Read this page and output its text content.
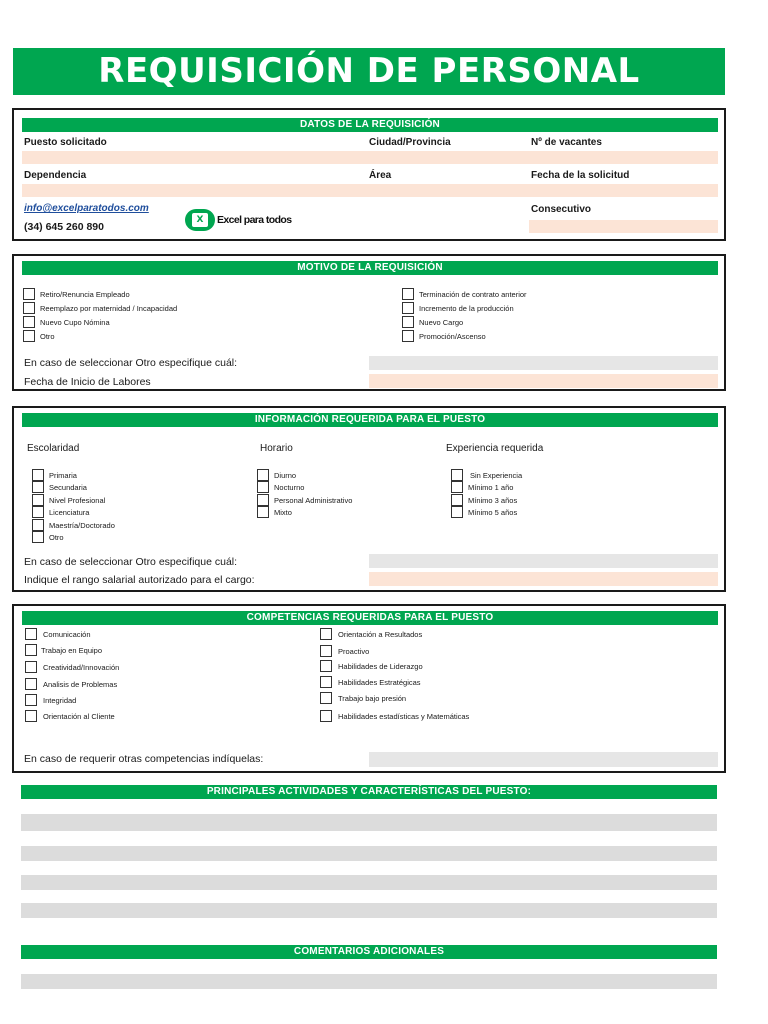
REQUISICIÓN DE PERSONAL
DATOS DE LA REQUISICIÓN
Puesto solicitado	Ciudad/Provincia	Nº de vacantes
Dependencia	Área	Fecha de la solicitud
info@excelparatodos.com
(34) 645 260 890
X	Excel para todos
Consecutivo
MOTIVO DE LA REQUISICIÓN
Retiro/Renuncia Empleado
Reemplazo por maternidad / Incapacidad
Nuevo Cupo Nómina
Otro
Terminación de contrato anterior
Incremento de la producción
Nuevo Cargo
Promoción/Ascenso
En caso de seleccionar Otro especifique cuál:
Fecha de Inicio de Labores
INFORMACIÓN REQUERIDA PARA EL PUESTO
Escolaridad	Horario	Experiencia requerida
Primaria
Secundaria
Nivel Profesional
Licenciatura
Maestría/Doctorado
Otro
Diurno
Nocturno
Personal Administrativo
Mixto
Sin Experiencia
Mínimo 1 año
Mínimo 3 años
Mínimo 5 años
En caso de seleccionar Otro especifique cuál:
Indique el rango salarial autorizado para el cargo:
COMPETENCIAS REQUERIDAS PARA EL PUESTO
Comunicación
Trabajo en Equipo
Creatividad/Innovación
Analisis de Problemas
Integridad
Orientación al Cliente
Orientación a Resultados
Proactivo
Habilidades de Liderazgo
Habilidades Estratégicas
Trabajo bajo presión
Habilidades estadísticas y Matemáticas
En caso de requerir otras competencias indíquelas:
PRINCIPALES ACTIVIDADES Y CARACTERÍSTICAS DEL PUESTO:
COMENTARIOS ADICIONALES
